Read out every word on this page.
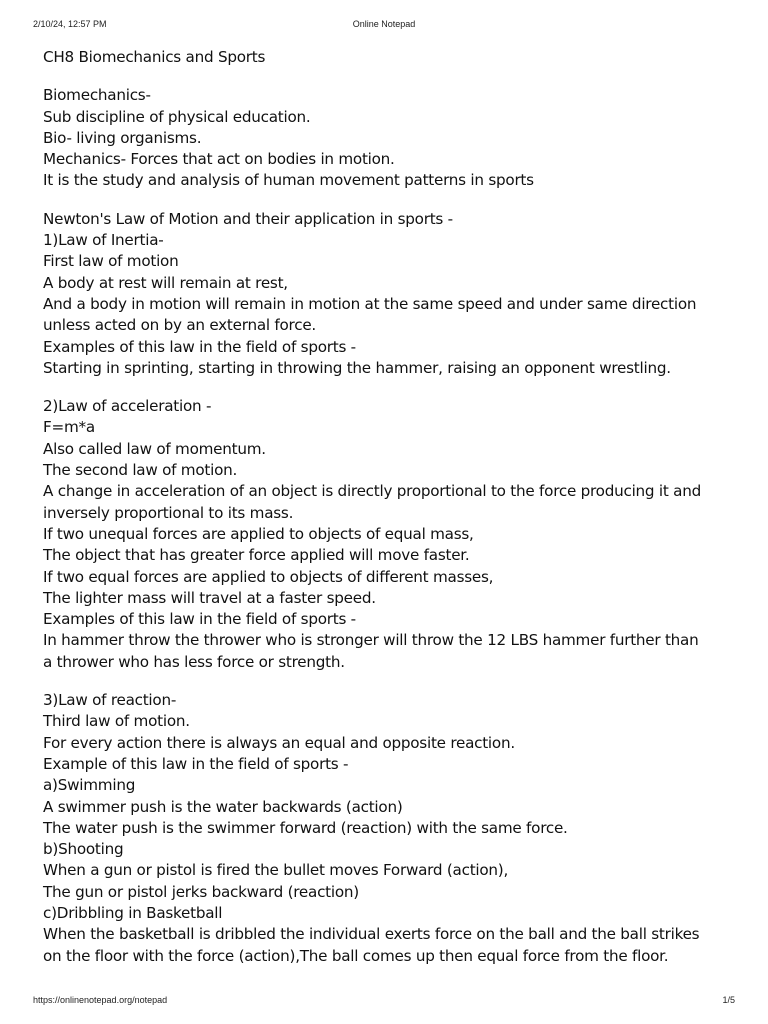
2/10/24, 12:57 PM	Online Notepad
CH8 Biomechanics and Sports
Biomechanics-
Sub discipline of physical education.
Bio- living organisms.
Mechanics- Forces that act on bodies in motion.
It is the study and analysis of human movement patterns in sports
Newton's Law of Motion and their application in sports -
1)Law of Inertia-
First law of motion
A body at rest will remain at rest,
And a body in motion will remain in motion at the same speed and under same direction
unless acted on by an external force.
Examples of this law in the field of sports -
Starting in sprinting, starting in throwing the hammer, raising an opponent wrestling.
2)Law of acceleration -
F=m*a
Also called law of momentum.
The second law of motion.
A change in acceleration of an object is directly proportional to the force producing it and
inversely proportional to its mass.
If two unequal forces are applied to objects of equal mass,
The object that has greater force applied will move faster.
If two equal forces are applied to objects of different masses,
The lighter mass will travel at a faster speed.
Examples of this law in the field of sports -
In hammer throw the thrower who is stronger will throw the 12 LBS hammer further than
a thrower who has less force or strength.
3)Law of reaction-
Third law of motion.
For every action there is always an equal and opposite reaction.
Example of this law in the field of sports -
a)Swimming
A swimmer push is the water backwards (action)
The water push is the swimmer forward (reaction) with the same force.
b)Shooting
When a gun or pistol is fired the bullet moves Forward (action),
The gun or pistol jerks backward (reaction)
c)Dribbling in Basketball
When the basketball is dribbled the individual exerts force on the ball and the ball strikes
on the floor with the force (action),The ball comes up then equal force from the floor.
https://onlinenotepad.org/notepad	1/5
